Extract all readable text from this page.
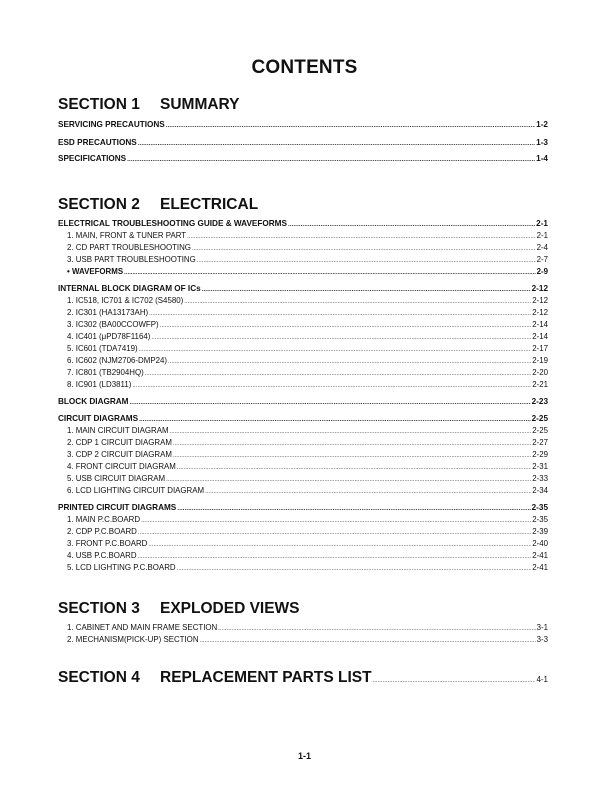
CONTENTS
SECTION 1 SUMMARY
SERVICING PRECAUTIONS .....	1-2
ESD PRECAUTIONS .....	1-3
SPECIFICATIONS .....	1-4
SECTION 2 ELECTRICAL
ELECTRICAL TROUBLESHOOTING GUIDE & WAVEFORMS .....	2-1
1. MAIN, FRONT & TUNER PART .....	2-1
2. CD PART TROUBLESHOOTING .....	2-4
3. USB PART TROUBLESHOOTING .....	2-7
• WAVEFORMS .....	2-9
INTERNAL BLOCK DIAGRAM OF ICs .....	2-12
1. IC518, IC701 & IC702 (S4580) .....	2-12
2. IC301 (HA13173AH) .....	2-12
3. IC302 (BA00CCOWFP) .....	2-14
4. IC401 (μPD78F1164) .....	2-14
5. IC601 (TDA7419) .....	2-17
6. IC602 (NJM2706-DMP24) .....	2-19
7. IC801 (TB2904HQ) .....	2-20
8. IC901 (LD3811) .....	2-21
BLOCK DIAGRAM .....	2-23
CIRCUIT DIAGRAMS .....	2-25
1. MAIN CIRCUIT DIAGRAM .....	2-25
2. CDP 1 CIRCUIT DIAGRAM .....	2-27
3. CDP 2 CIRCUIT DIAGRAM .....	2-29
4. FRONT CIRCUIT DIAGRAM .....	2-31
5. USB CIRCUIT DIAGRAM .....	2-33
6. LCD LIGHTING CIRCUIT DIAGRAM .....	2-34
PRINTED CIRCUIT DIAGRAMS .....	2-35
1. MAIN P.C.BOARD .....	2-35
2. CDP P.C.BOARD .....	2-39
3. FRONT P.C.BOARD .....	2-40
4. USB P.C.BOARD .....	2-41
5. LCD LIGHTING P.C.BOARD .....	2-41
SECTION 3 EXPLODED VIEWS
1. CABINET AND MAIN FRAME SECTION .....	3-1
2. MECHANISM(PICK-UP) SECTION .....	3-3
SECTION 4 REPLACEMENT PARTS LIST .....	4-1
1-1
